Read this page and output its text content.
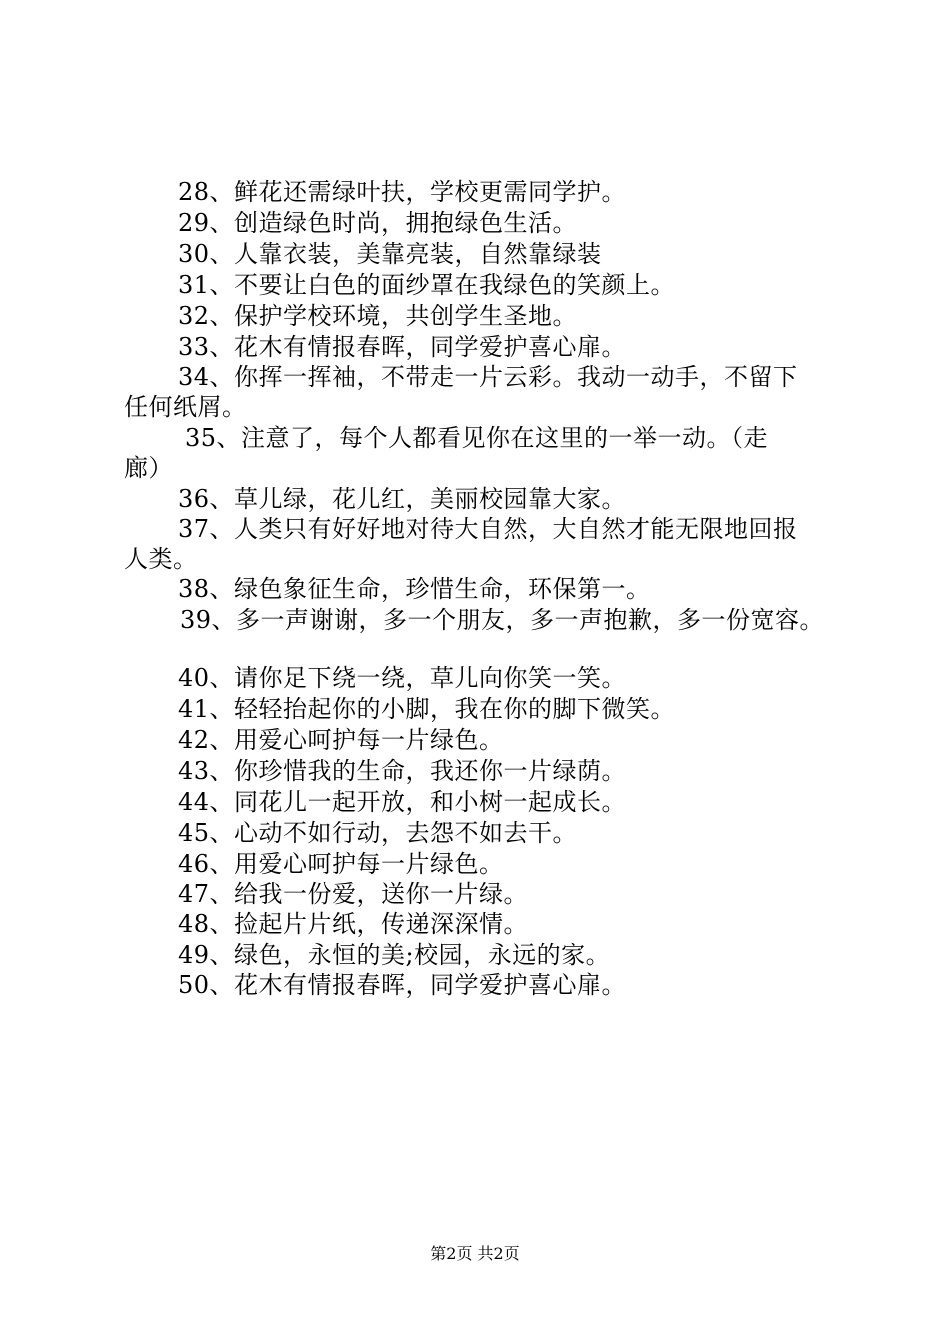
28、鲜花还需绿叶扶，学校更需同学护。
29、创造绿色时尚，拥抱绿色生活。
30、人靠衣装，美靠亮装，自然靠绿装
31、不要让白色的面纱罩在我绿色的笑颜上。
32、保护学校环境，共创学生圣地。
33、花木有情报春晖，同学爱护喜心扉。
34、你挥一挥袖，不带走一片云彩。我动一动手，不留下
任何纸屑。
35、注意了，每个人都看见你在这里的一举一动。（走
廊）
36、草儿绿，花儿红，美丽校园靠大家。
37、人类只有好好地对待大自然，大自然才能无限地回报
人类。
38、绿色象征生命，珍惜生命，环保第一。
39、多一声谢谢，多一个朋友，多一声抱歉，多一份宽容。
40、请你足下绕一绕，草儿向你笑一笑。
41、轻轻抬起你的小脚，我在你的脚下微笑。
42、用爱心呵护每一片绿色。
43、你珍惜我的生命，我还你一片绿荫。
44、同花儿一起开放，和小树一起成长。
45、心动不如行动，去怨不如去干。
46、用爱心呵护每一片绿色。
47、给我一份爱，送你一片绿。
48、捡起片片纸，传递深深情。
49、绿色，永恒的美;校园，永远的家。
50、花木有情报春晖，同学爱护喜心扉。
第2页 共2页
